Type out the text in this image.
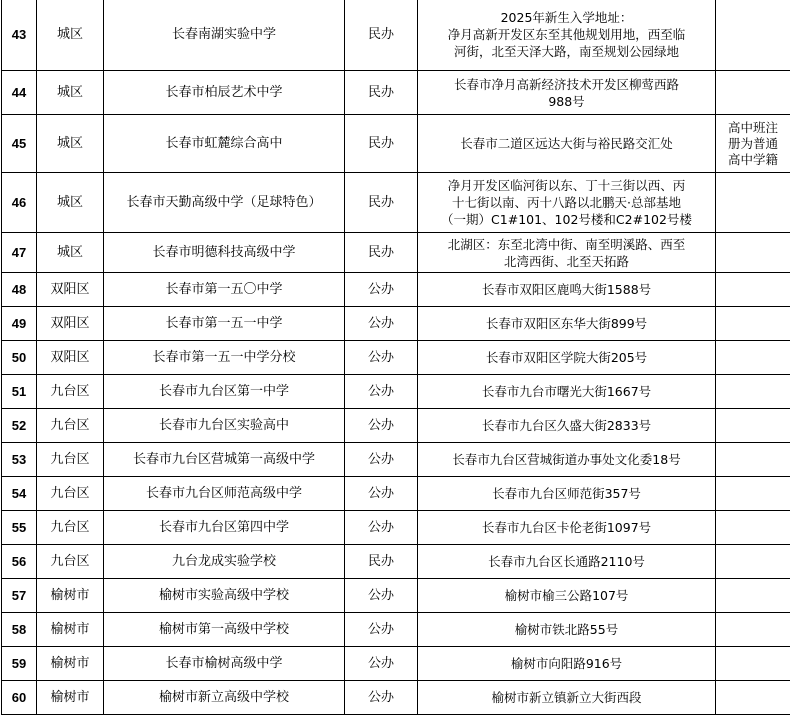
43	城区	长春南湖实验中学	民办	2025年新生入学地址：
净月高新开发区东至其他规划用地，西至临
河街，北至天泽大路，南至规划公园绿地	

44	城区	长春市柏辰艺术中学	民办	长春市净月高新经济技术开发区柳莺西路
988号	

45	城区	长春市虹麓综合高中	民办	长春市二道区远达大街与裕民路交汇处	高中班注
册为普通
高中学籍

46	城区	长春市天勤高级中学（足球特色）	民办	净月开发区临河街以东、丁十三街以西、丙
十七街以南、丙十八路以北鹏天·总部基地
（一期）C1#101、102号楼和C2#102号楼	

47	城区	长春市明德科技高级中学	民办	北湖区：东至北湾中街、南至明溪路、西至
北湾西街、北至天拓路	

48	双阳区	长春市第一五〇中学	公办	长春市双阳区鹿鸣大街1588号	

49	双阳区	长春市第一五一中学	公办	长春市双阳区东华大街899号	

50	双阳区	长春市第一五一中学分校	公办	长春市双阳区学院大街205号	

51	九台区	长春市九台区第一中学	公办	长春市九台市曙光大街1667号	

52	九台区	长春市九台区实验高中	公办	长春市九台区久盛大街2833号	

53	九台区	长春市九台区营城第一高级中学	公办	长春市九台区营城街道办事处文化委18号	

54	九台区	长春市九台区师范高级中学	公办	长春市九台区师范街357号	

55	九台区	长春市九台区第四中学	公办	长春市九台区卡伦老街1097号	

56	九台区	九台龙成实验学校	民办	长春市九台区长通路2110号	

57	榆树市	榆树市实验高级中学校	公办	榆树市榆三公路107号	

58	榆树市	榆树市第一高级中学校	公办	榆树市铁北路55号	

59	榆树市	长春市榆树高级中学	公办	榆树市向阳路916号	

60	榆树市	榆树市新立高级中学校	公办	榆树市新立镇新立大街西段	
